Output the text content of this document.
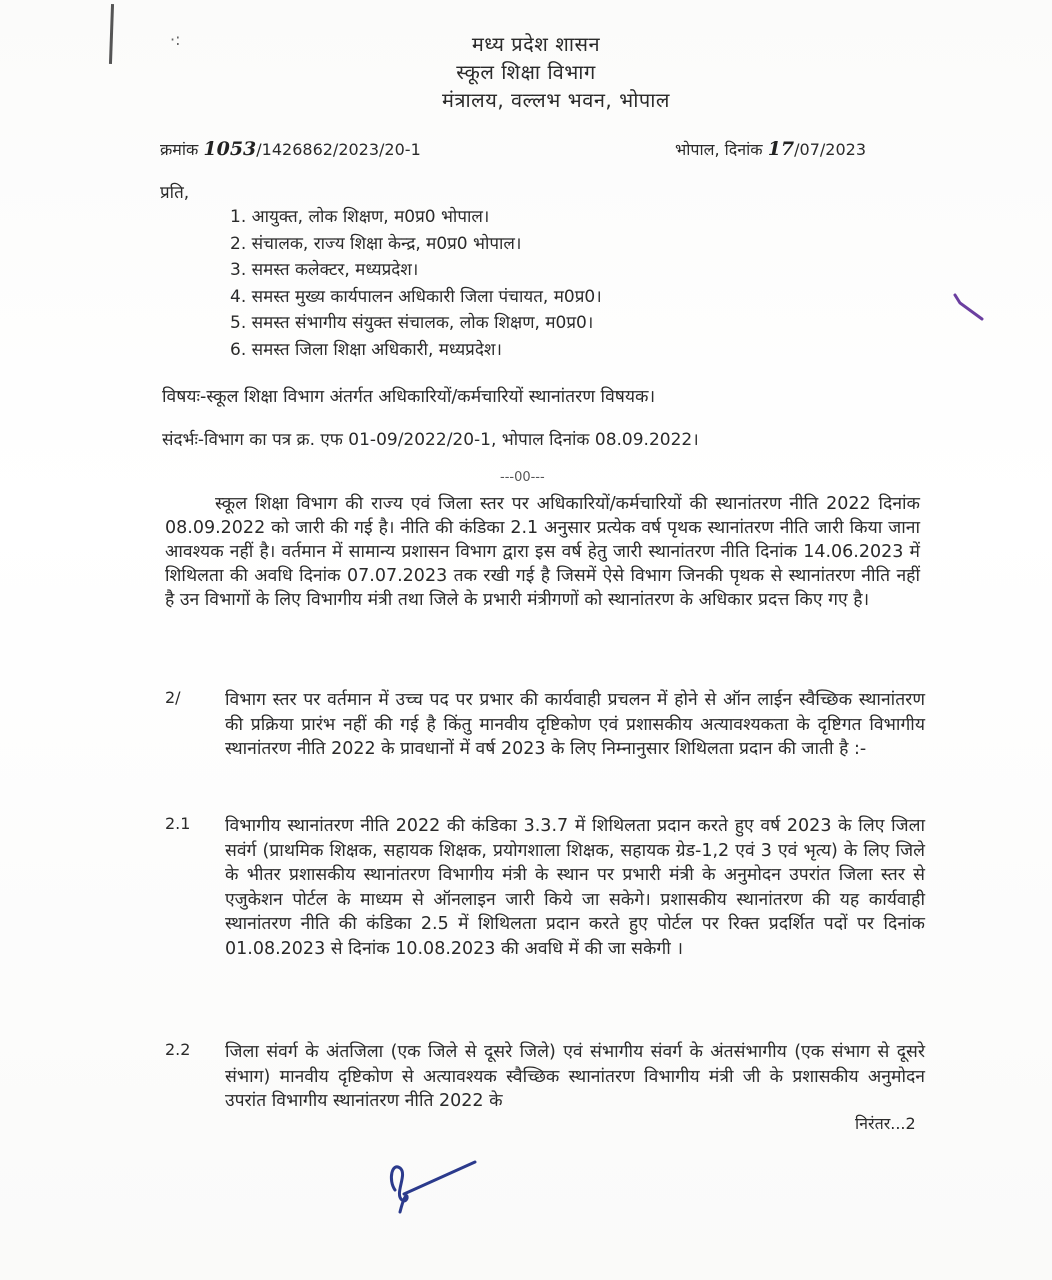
·:	मध्य प्रदेश शासन
स्कूल शिक्षा विभाग
मंत्रालय, वल्लभ भवन, भोपाल
क्रमांक 1053/1426862/2023/20-1	भोपाल, दिनांक 17/07/2023
प्रति,
1. आयुक्त, लोक शिक्षण, म0प्र0 भोपाल।
2. संचालक, राज्य शिक्षा केन्द्र, म0प्र0 भोपाल।
3. समस्त कलेक्टर, मध्यप्रदेश।
4. समस्त मुख्य कार्यपालन अधिकारी जिला पंचायत, म0प्र0।
5. समस्त संभागीय संयुक्त संचालक, लोक शिक्षण, म0प्र0।
6. समस्त जिला शिक्षा अधिकारी, मध्यप्रदेश।
विषयः-स्कूल शिक्षा विभाग अंतर्गत अधिकारियों/कर्मचारियों स्थानांतरण विषयक।
संदर्भः-विभाग का पत्र क्र. एफ 01-09/2022/20-1, भोपाल दिनांक 08.09.2022।
---00---
स्कूल शिक्षा विभाग की राज्य एवं जिला स्तर पर अधिकारियों/कर्मचारियों की स्थानांतरण नीति 2022 दिनांक 08.09.2022 को जारी की गई है। नीति की कंडिका 2.1 अनुसार प्रत्येक वर्ष पृथक स्थानांतरण नीति जारी किया जाना आवश्यक नहीं है। वर्तमान में सामान्य प्रशासन विभाग द्वारा इस वर्ष हेतु जारी स्थानांतरण नीति दिनांक 14.06.2023 में शिथिलता की अवधि दिनांक 07.07.2023 तक रखी गई है जिसमें ऐसे विभाग जिनकी पृथक से स्थानांतरण नीति नहीं है उन विभागों के लिए विभागीय मंत्री तथा जिले के प्रभारी मंत्रीगणों को स्थानांतरण के अधिकार प्रदत्त किए गए है।
2/	विभाग स्तर पर वर्तमान में उच्च पद पर प्रभार की कार्यवाही प्रचलन में होने से ऑन लाईन स्वैच्छिक स्थानांतरण की प्रक्रिया प्रारंभ नहीं की गई है किंतु मानवीय दृष्टिकोण एवं प्रशासकीय अत्यावश्यकता के दृष्टिगत विभागीय स्थानांतरण नीति 2022 के प्रावधानों में वर्ष 2023 के लिए निम्नानुसार शिथिलता प्रदान की जाती है :-
2.1 विभागीय स्थानांतरण नीति 2022 की कंडिका 3.3.7 में शिथिलता प्रदान करते हुए वर्ष 2023 के लिए जिला सवंर्ग (प्राथमिक शिक्षक, सहायक शिक्षक, प्रयोगशाला शिक्षक, सहायक ग्रेड-1,2 एवं 3 एवं भृत्य) के लिए जिले के भीतर प्रशासकीय स्थानांतरण विभागीय मंत्री के स्थान पर प्रभारी मंत्री के अनुमोदन उपरांत जिला स्तर से एजुकेशन पोर्टल के माध्यम से ऑनलाइन जारी किये जा सकेगे। प्रशासकीय स्थानांतरण की यह कार्यवाही स्थानांतरण नीति की कंडिका 2.5 में शिथिलता प्रदान करते हुए पोर्टल पर रिक्त प्रदर्शित पदों पर दिनांक 01.08.2023 से दिनांक 10.08.2023 की अवधि में की जा सकेगी ।
2.2 जिला संवर्ग के अंतजिला (एक जिले से दूसरे जिले) एवं संभागीय संवर्ग के अंतसंभागीय (एक संभाग से दूसरे संभाग) मानवीय दृष्टिकोण से अत्यावश्यक स्वैच्छिक स्थानांतरण विभागीय मंत्री जी के प्रशासकीय अनुमोदन उपरांत विभागीय स्थानांतरण नीति 2022 के
निरंतर...2
